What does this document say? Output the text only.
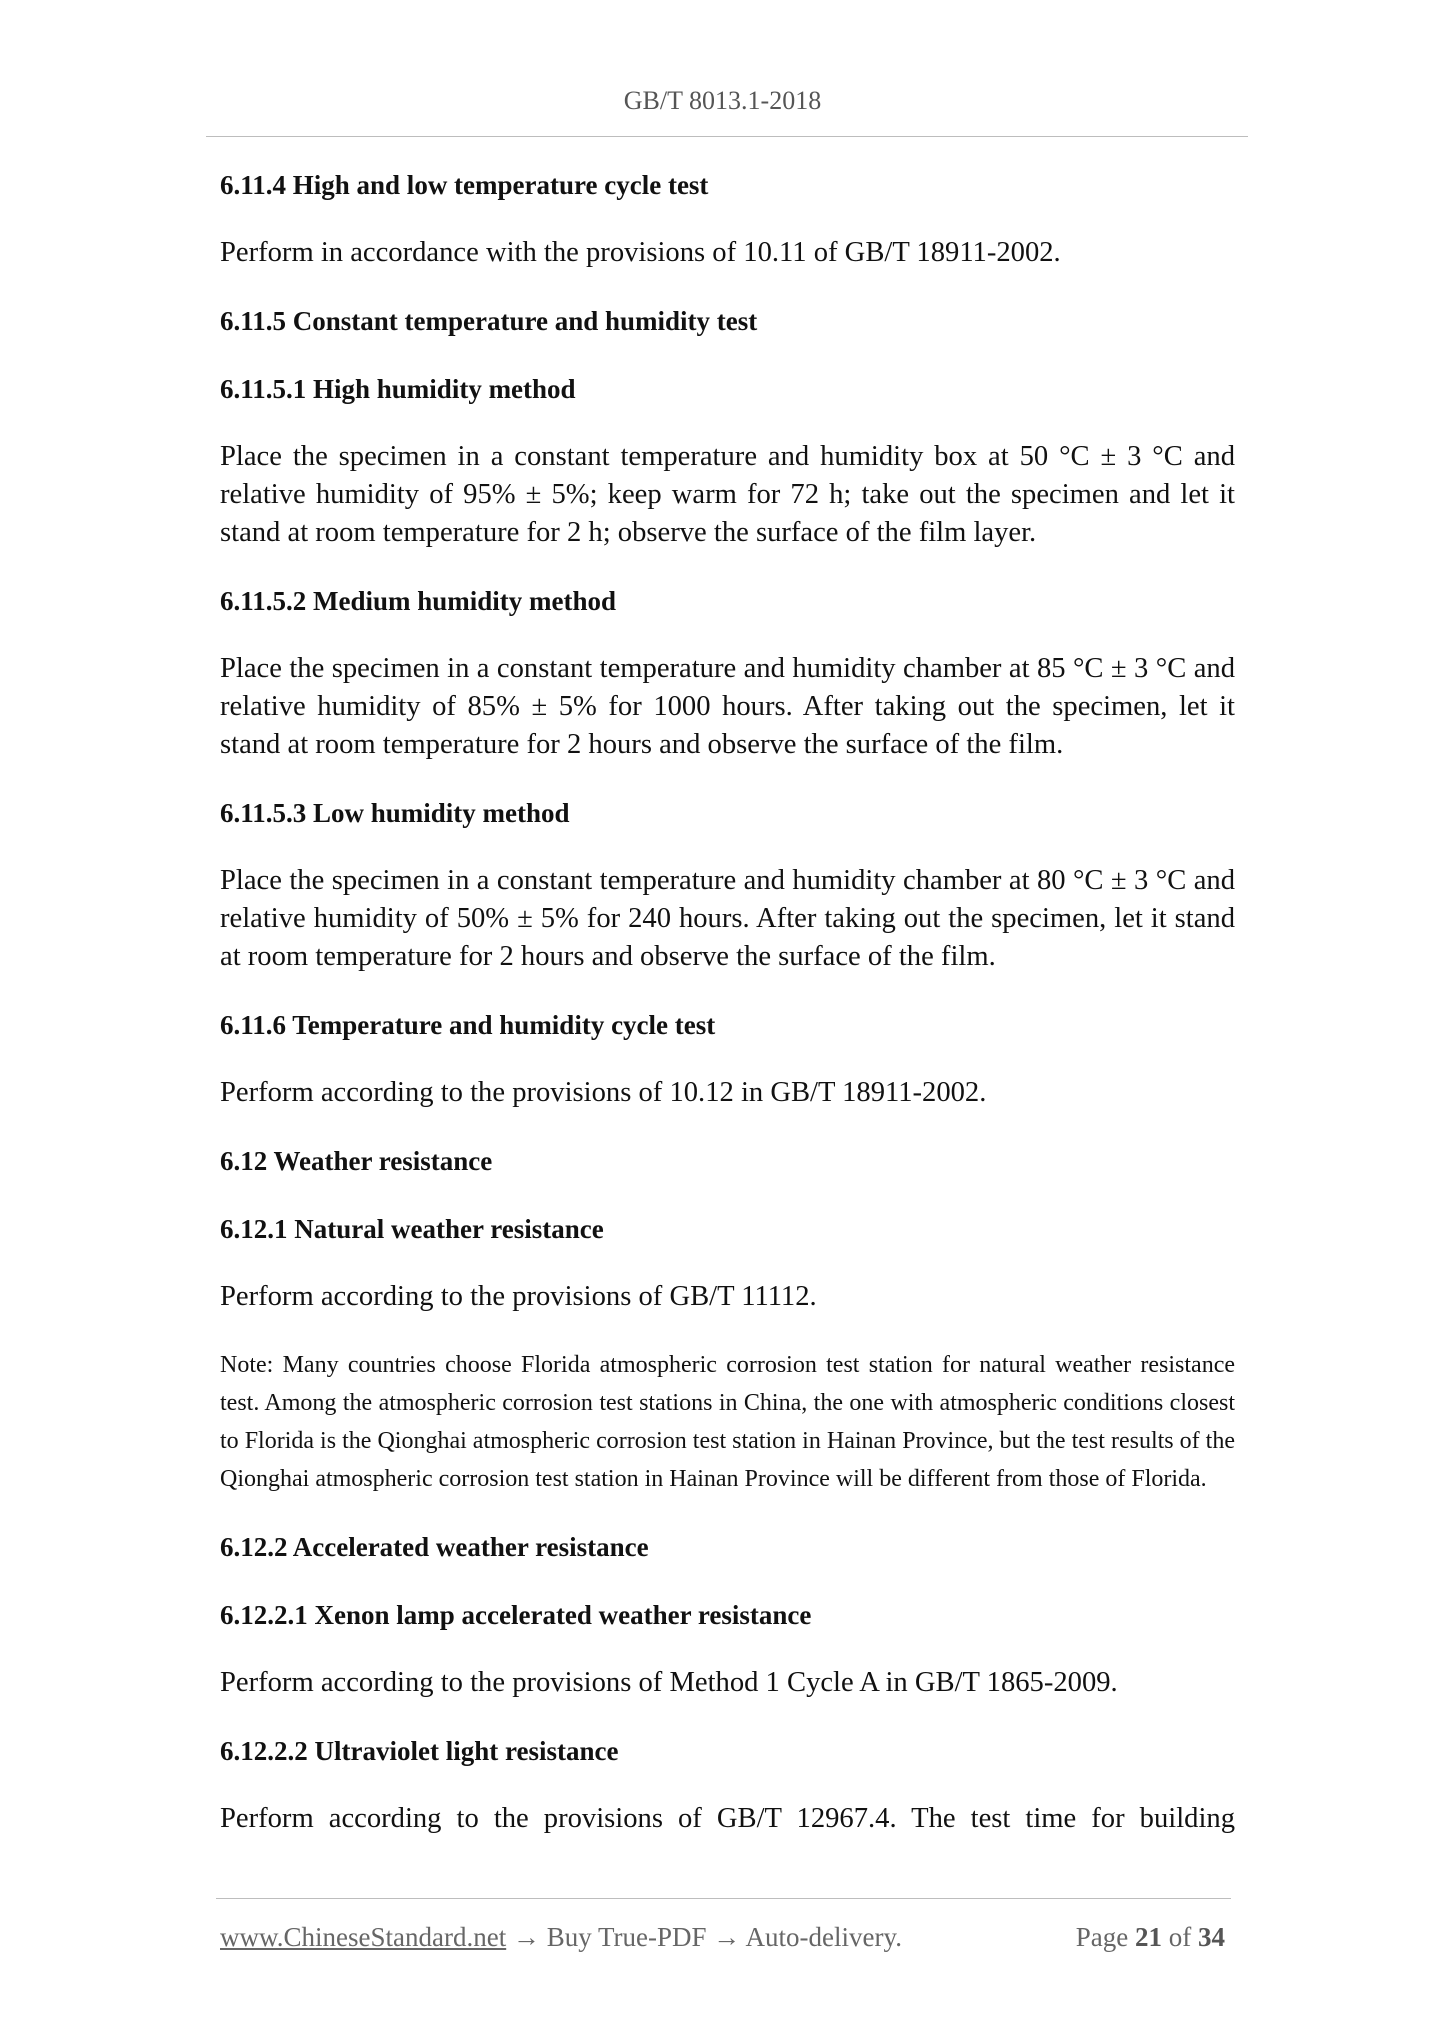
GB/T 8013.1-2018

6.11.4 High and low temperature cycle test

Perform in accordance with the provisions of 10.11 of GB/T 18911-2002.

6.11.5 Constant temperature and humidity test

6.11.5.1 High humidity method

Place the specimen in a constant temperature and humidity box at 50 °C ± 3 °C and relative humidity of 95% ± 5%; keep warm for 72 h; take out the specimen and let it stand at room temperature for 2 h; observe the surface of the film layer.

6.11.5.2 Medium humidity method

Place the specimen in a constant temperature and humidity chamber at 85 °C ± 3 °C and relative humidity of 85% ± 5% for 1000 hours. After taking out the specimen, let it stand at room temperature for 2 hours and observe the surface of the film.

6.11.5.3 Low humidity method

Place the specimen in a constant temperature and humidity chamber at 80 °C ± 3 °C and relative humidity of 50% ± 5% for 240 hours. After taking out the specimen, let it stand at room temperature for 2 hours and observe the surface of the film.

6.11.6 Temperature and humidity cycle test

Perform according to the provisions of 10.12 in GB/T 18911-2002.

6.12 Weather resistance

6.12.1 Natural weather resistance

Perform according to the provisions of GB/T 11112.

Note: Many countries choose Florida atmospheric corrosion test station for natural weather resistance test. Among the atmospheric corrosion test stations in China, the one with atmospheric conditions closest to Florida is the Qionghai atmospheric corrosion test station in Hainan Province, but the test results of the Qionghai atmospheric corrosion test station in Hainan Province will be different from those of Florida.

6.12.2 Accelerated weather resistance

6.12.2.1 Xenon lamp accelerated weather resistance

Perform according to the provisions of Method 1 Cycle A in GB/T 1865-2009.

6.12.2.2 Ultraviolet light resistance

Perform according to the provisions of GB/T 12967.4. The test time for building

www.ChineseStandard.net → Buy True-PDF → Auto-delivery.	Page 21 of 34
